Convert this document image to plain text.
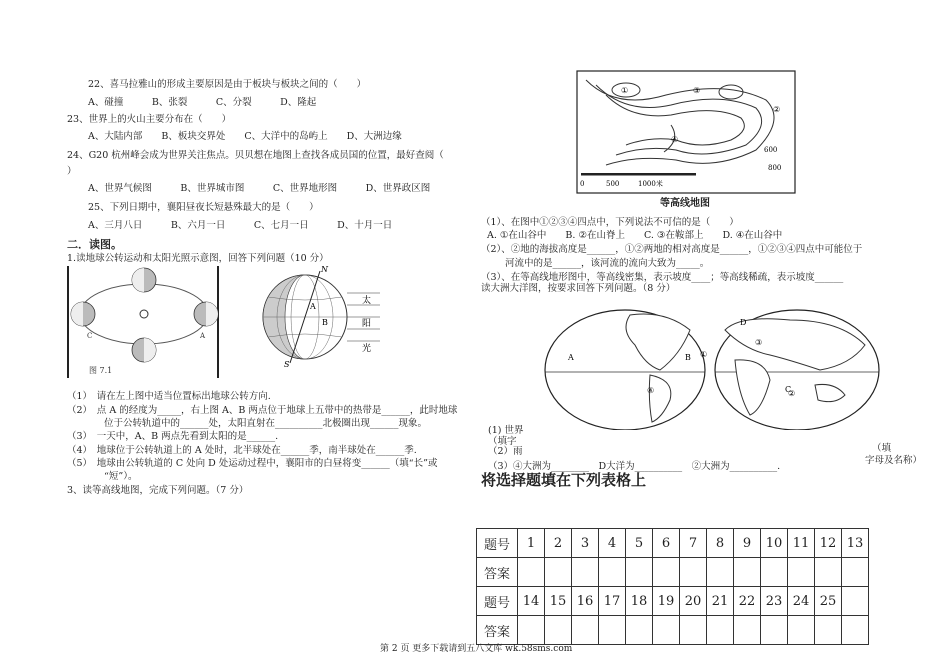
22、喜马拉雅山的形成主要原因是由于板块与板块之间的（　　）
A、碰撞　　　B、张裂　　　C、分裂　　　D、隆起
23、世界上的火山主要分布在（　　）
A、大陆内部　　B、板块交界处　　C、大洋中的岛屿上　　D、大洲边缘
24、G20 杭州峰会成为世界关注焦点。贝贝想在地图上查找各成员国的位置，最好查阅（
）
A、世界气候图　　　B、世界城市图　　　C、世界地形图　　　D、世界政区图
25、下列日期中，襄阳昼夜长短悬殊最大的是（　　）
A、三月八日　　　B、六月一日　　　C、七月一日　　　D、十月一日
二．读图。
1.读地球公转运动和太阳光照示意图，回答下列问题（10 分）
C	A
图 7.1
N
A
B
S
太
阳
光
（1）　请在左上图中适当位置标出地球公转方向.
（2）　点 A 的经度为_____，右上图 A、B 两点位于地球上五带中的热带是______，此时地球
位于公转轨道中的______处，太阳直射在__________北极圈出现______现象。
（3）　一天中，A、B 两点先看到太阳的是______.
（4）　地球位于公转轨道上的 A 处时，北半球处在______季，南半球处在______季.
（5）　地球由公转轨道的 C 处向 D 处运动过程中，襄阳市的白昼将变______（填“长”或
“短”）。
3、读等高线地图，完成下列问题。（7 分）
①	③
②
④
600
800
0	500	1000米
等高线地图
（1）、在图中①②③④四点中，下列说法不可信的是（　　）
A. ①在山谷中　　B. ②在山脊上　　C. ③在鞍部上　　D. ④在山谷中
（2）、②地的海拔高度是______，①②两地的相对高度是______，①②③④四点中可能位于
河流中的是______，该河流的流向大致为_____。
（3）、在等高线地形图中，等高线密集，表示坡度____；等高线稀疏，表示坡度______
读大洲大洋图，按要求回答下列问题。（8 分）
A	B
C
D
①
②
③
④
(1) 世界
（填字
（2）雨	（填
字母及名称）
（3）④大洲为________　D大洋为__________　②大洲为__________.
将选择题填在下列表格上
题号	1	2	3	4	5	6	7	8	9	10	11	12	13
答案													
题号	14	15	16	17	18	19	20	21	22	23	24	25	
答案													
第 2 页 更多下载请到五八文库 wk.58sms.com
